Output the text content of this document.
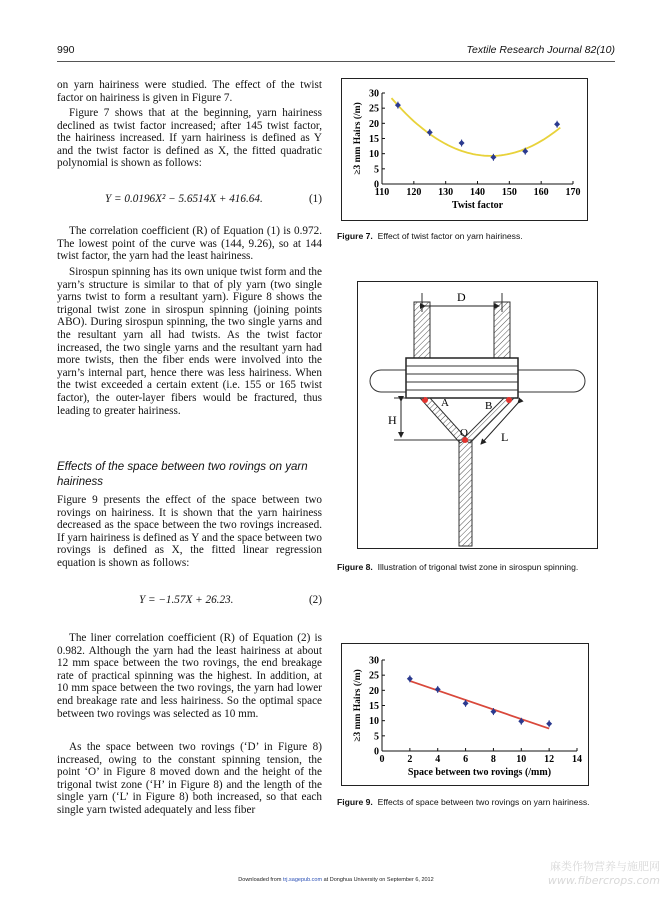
990	Textile Research Journal 82(10)

on yarn hairiness were studied. The effect of the twist factor on hairiness is given in Figure 7.

Figure 7 shows that at the beginning, yarn hairiness declined as twist factor increased; after 145 twist factor, the hairiness increased. If yarn hairiness is defined as Y and the twist factor is defined as X, the fitted quadratic polynomial is shown as follows:

Y = 0.0196X² − 5.6514X + 416.64.	(1)

The correlation coefficient (R) of Equation (1) is 0.972. The lowest point of the curve was (144, 9.26), so at 144 twist factor, the yarn had the least hairiness.

Sirospun spinning has its own unique twist form and the yarn’s structure is similar to that of ply yarn (two single yarns twist to form a resultant yarn). Figure 8 shows the trigonal twist zone in sirospun spinning (joining points ABO). During sirospun spinning, the two single yarns and the resultant yarn all had twists. As the twist factor increased, the two single yarns and the resultant yarn had more twists, then the fiber ends were involved into the yarn’s internal part, hence there was less hairiness. When the twist exceeded a certain extent (i.e. 155 or 165 twist factor), the outer-layer fibers would be fractured, thus leading to greater hairiness.

Effects of the space between two rovings on yarn hairiness

Figure 9 presents the effect of the space between two rovings on hairiness. It is shown that the yarn hairiness decreased as the space between the two rovings increased. If yarn hairiness is defined as Y and the space between two rovings is defined as X, the fitted linear regression equation is shown as follows:

Y = −1.57X + 26.23.	(2)

The liner correlation coefficient (R) of Equation (2) is 0.982. Although the yarn had the least hairiness at about 12 mm space between the two rovings, the end breakage rate of practical spinning was the highest. In addition, at 10 mm space between the two rovings, the yarn had lower end breakage rate and less hairiness. So the optimal space between two rovings was selected as 10 mm.

As the space between two rovings (‘D’ in Figure 8) increased, owing to the constant spinning tension, the point ‘O’ in Figure 8 moved down and the height of the trigonal twist zone (‘H’ in Figure 8) and the length of the single yarn (‘L’ in Figure 8) both increased, so that each single yarn twisted adequately and less fiber

0
5
10
15
20
25
30
110 120 130 140 150 160 170
Twist factor
≥3 mm Hairs (/m)
Figure 7. Effect of twist factor on yarn hairiness.
D
A	B
O
H
L
Figure 8. Illustration of trigonal twist zone in sirospun spinning.
0
5
10
15
20
25
30
0 2 4 6 8 10 12 14
Space between two rovings (/mm)
≥3 mm Hairs (/m)
Figure 9. Effects of space between two rovings on yarn hairiness.
Downloaded from trj.sagepub.com at Donghua University on September 6, 2012
麻类作物营养与施肥网
www.fibercrops.com
